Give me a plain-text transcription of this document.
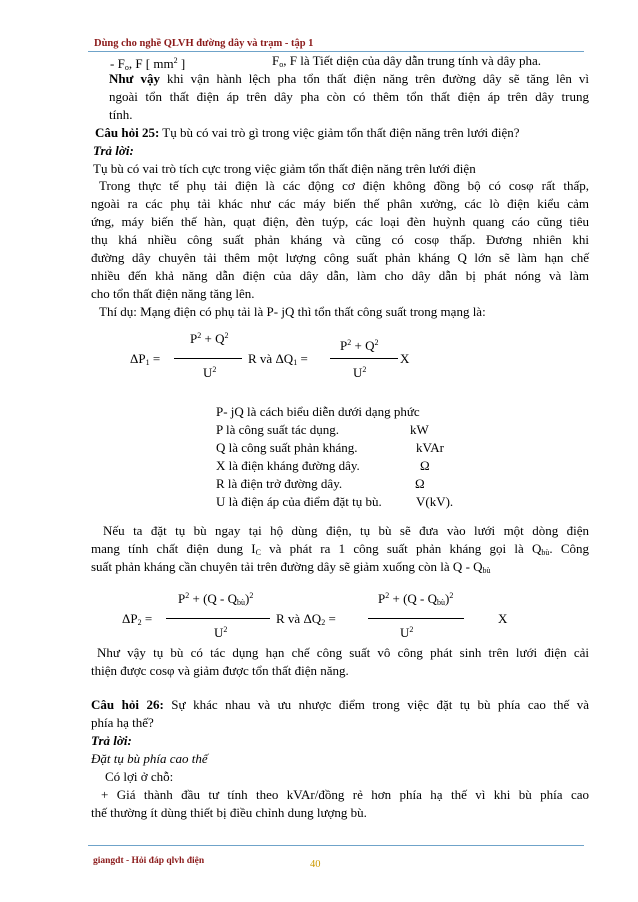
Dùng cho nghề QLVH đường dây và trạm - tập 1
- $F_o$, F [ $mm^2$ ]	$F_o$, F là Tiết diện của dây dẫn trung tính và dây pha.
Như vậy khi vận hành lệch pha tổn thất điện năng trên đường dây sẽ tăng lên vì
ngoài tổn thất điện áp trên dây pha còn có thêm tổn thất điện áp trên dây trung
tính.
Câu hỏi 25: Tụ bù có vai trò gì trong việc giảm tổn thất điện năng trên lưới điện?
Trả lời:
Tụ bù có vai trò tích cực trong việc giảm tổn thất điện năng trên lưới điện
Trong thực tế phụ tải điện là các động cơ điện không đồng bộ có cosφ rất thấp,
ngoài ra các phụ tải khác như các máy biến thế phân xưởng, các lò điện kiểu cảm
ứng, máy biến thế hàn, quạt điện, đèn tuýp, các loại đèn huỳnh quang cáo cũng tiêu
thụ khá nhiều công suất phản kháng và cũng có cosφ thấp. Đương nhiên khi
đường dây chuyên tải thêm một lượng công suất phản kháng Q lớn sẽ làm hạn chế
nhiều đến khả năng dẫn điện của dây dẫn, làm cho dây dẫn bị phát nóng và làm
cho tổn thất điện năng tăng lên.
Thí dụ: Mạng điện có phụ tải là P- jQ thì tổn thất công suất trong mạng là:
$P^2 + Q^2$
$\Delta P_1$ =	R và $\Delta Q_1$ =
$U^2$
$P^2 + Q^2$
X
$U^2$
P- jQ là cách biểu diễn dưới dạng phức
P là công suất tác dụng.	kW
Q là công suất phản kháng.	kVAr
X là điện kháng đường dây.	Ω
R là điện trở đường dây.	Ω
U là điện áp của điểm đặt tụ bù.	V(kV).
Nếu ta đặt tụ bù ngay tại hộ dùng điện, tụ bù sẽ đưa vào lưới một dòng điện
mang tính chất điện dung $I_C$ và phát ra 1 công suất phản kháng gọi là $Q_{bù}$. Công
suất phản kháng cần chuyên tải trên đường dây sẽ giảm xuống còn là Q - $Q_{bù}$
$P^2 + (Q - Q_{bù})^2$
$\Delta P_2$ =	R và $\Delta Q_2$ =
$U^2$
$P^2 + (Q - Q_{bù})^2$
X
$U^2$
Như vậy tụ bù có tác dụng hạn chế công suất vô công phát sinh trên lưới điện cải
thiện được cosφ và giảm được tổn thất điện năng.
Câu hỏi 26: Sự khác nhau và ưu nhược điểm trong việc đặt tụ bù phía cao thế và
phía hạ thế?
Trả lời:
Đặt tụ bù phía cao thế
Có lợi ở chỗ:
+ Giá thành đầu tư tính theo kVAr/đồng rẻ hơn phía hạ thế vì khi bù phía cao
thế thường ít dùng thiết bị điều chỉnh dung lượng bù.
giangdt - Hỏi đáp qlvh điện	40
